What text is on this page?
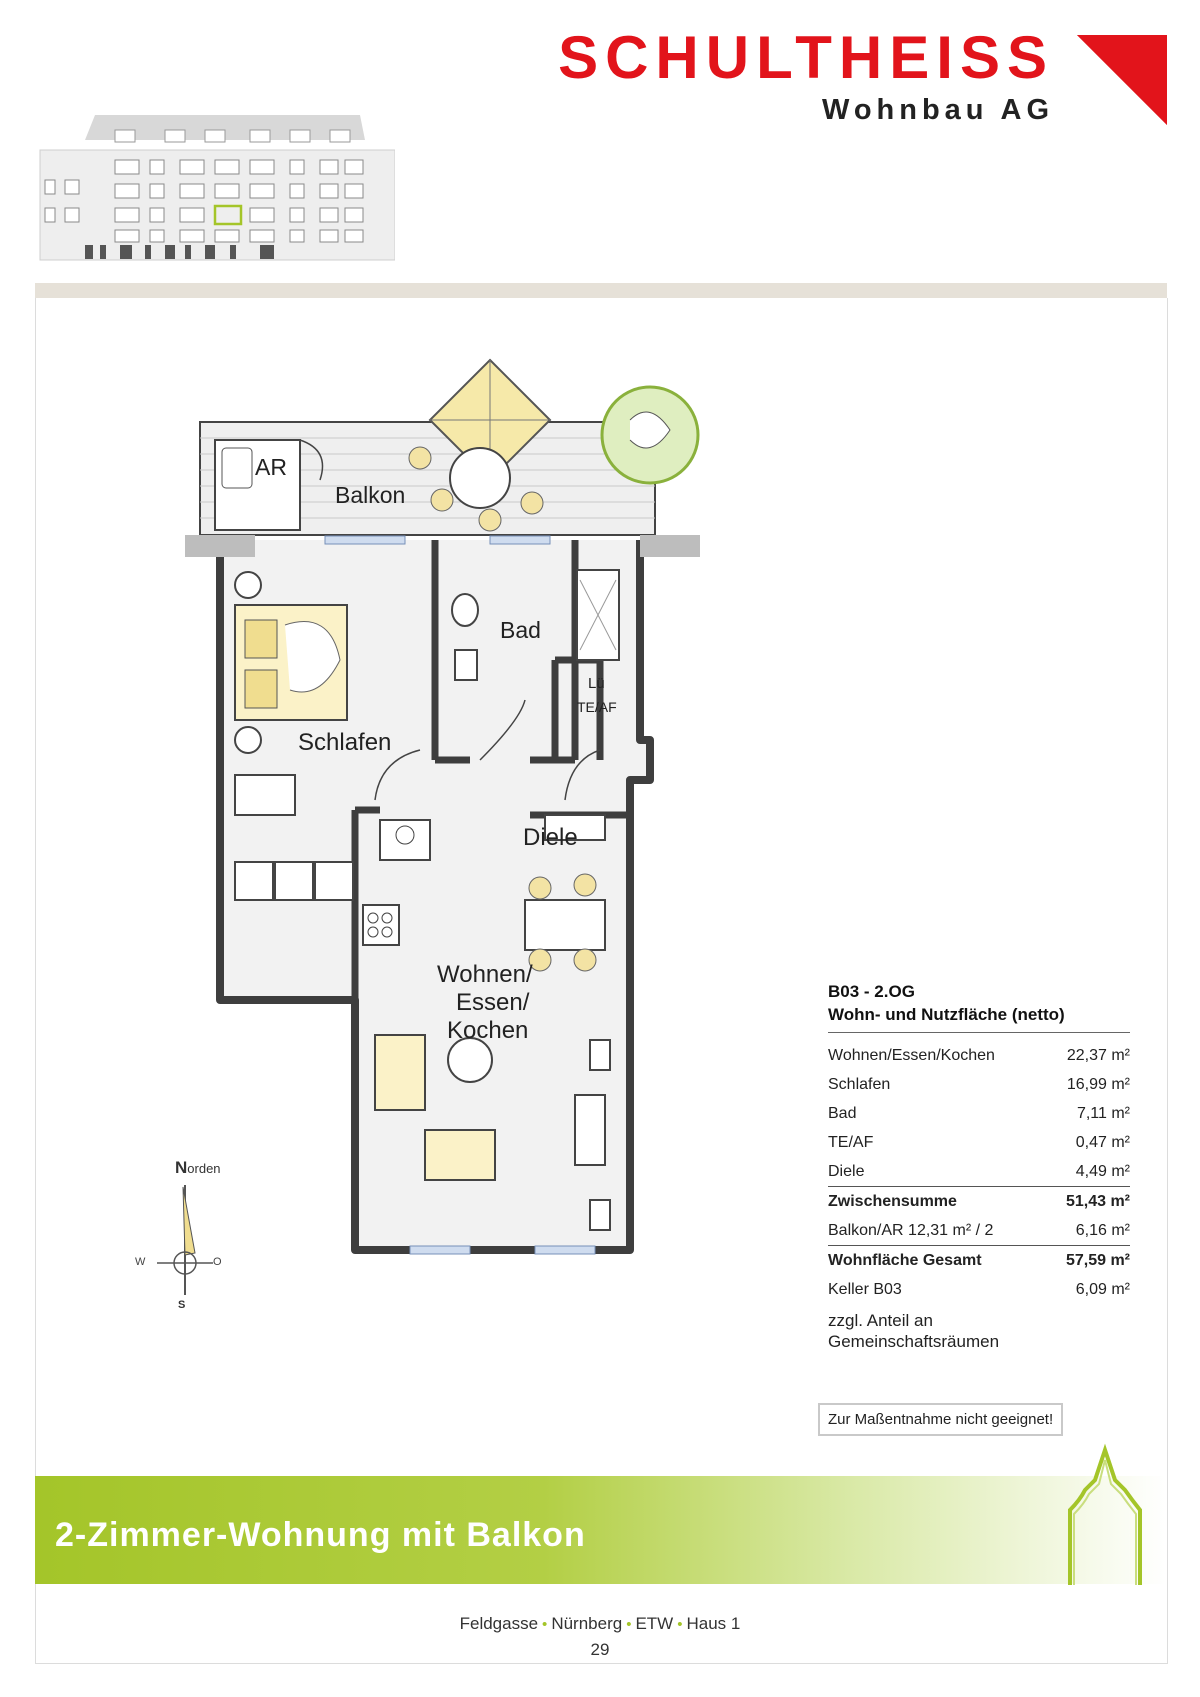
SCHULTHEISS
Wohnbau AG
AR
Balkon
Bad
Lü
TE/AF
Schlafen
Diele
Wohnen/
Essen/
Kochen
Norden
W	O
S
B03 - 2.OG
Wohn- und Nutzfläche (netto)
Wohnen/Essen/Kochen	22,37 m²
Schlafen	16,99 m²
Bad	7,11 m²
TE/AF	0,47 m²
Diele	4,49 m²
Zwischensumme	51,43 m²
Balkon/AR 12,31 m² / 2	6,16 m²
Wohnfläche Gesamt	57,59 m²
Keller B03	6,09 m²
zzgl. Anteil an
Gemeinschaftsräumen
Zur Maßentnahme nicht geeignet!
2-Zimmer-Wohnung mit Balkon
Feldgasse • Nürnberg • ETW • Haus 1
29
